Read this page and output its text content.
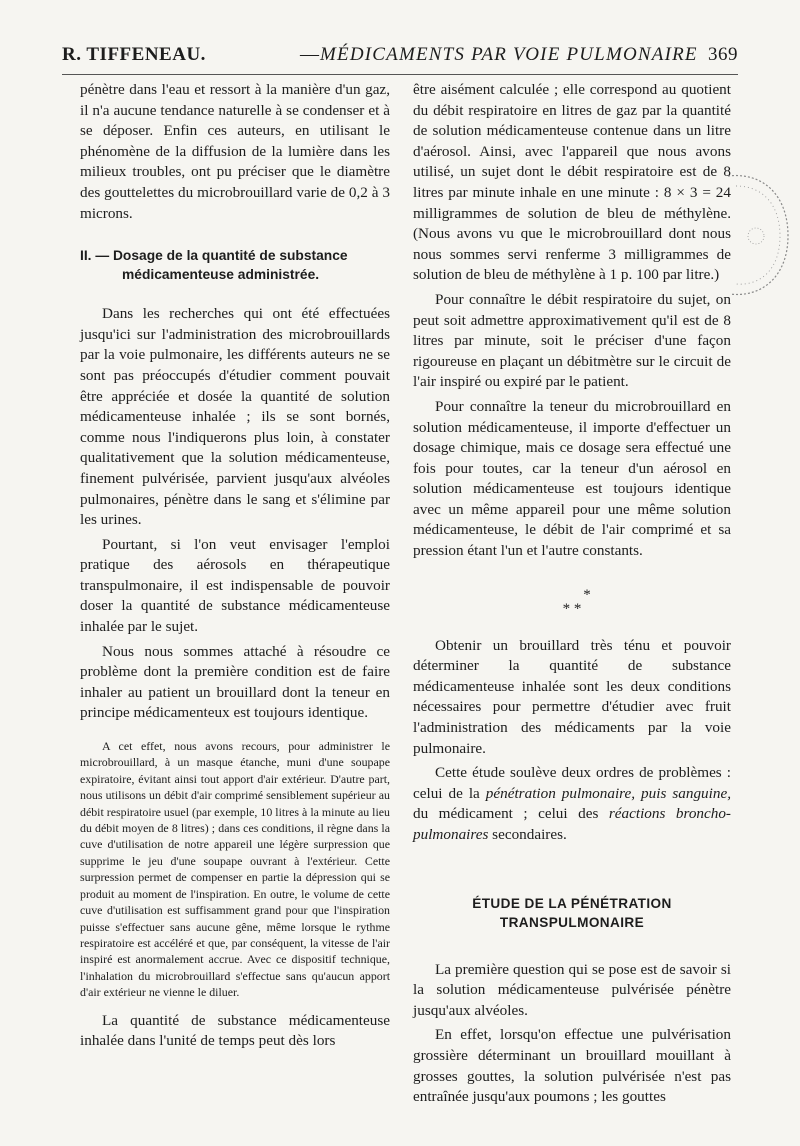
R. TIFFENEAU.	— MÉDICAMENTS PAR VOIE PULMONAIRE 369

pénètre dans l'eau et ressort à la manière d'un gaz, il n'a aucune tendance naturelle à se condenser et à se déposer. Enfin ces auteurs, en utilisant le phénomène de la diffusion de la lumière dans les milieux troubles, ont pu préciser que le diamètre des gouttelettes du microbrouillard varie de 0,2 à 3 microns.

II. — Dosage de la quantité de substance
médicamenteuse administrée.

Dans les recherches qui ont été effectuées jusqu'ici sur l'administration des microbrouillards par la voie pulmonaire, les différents auteurs ne se sont pas préoccupés d'étudier comment pouvait être appréciée et dosée la quantité de solution médicamenteuse inhalée ; ils se sont bornés, comme nous l'indiquerons plus loin, à constater qualitativement que la solution médicamenteuse, finement pulvérisée, parvient jusqu'aux alvéoles pulmonaires, pénètre dans le sang et s'élimine par les urines.

Pourtant, si l'on veut envisager l'emploi pratique des aérosols en thérapeutique transpulmonaire, il est indispensable de pouvoir doser la quantité de substance médicamenteuse inhalée par le sujet.

Nous nous sommes attaché à résoudre ce problème dont la première condition est de faire inhaler au patient un brouillard dont la teneur en principe médicamenteux est toujours identique.

A cet effet, nous avons recours, pour administrer le microbrouillard, à un masque étanche, muni d'une soupape expiratoire, évitant ainsi tout apport d'air extérieur. D'autre part, nous utilisons un débit d'air comprimé sensiblement supérieur au débit respiratoire usuel (par exemple, 10 litres à la minute au lieu du débit moyen de 8 litres) ; dans ces conditions, il règne dans la cuve d'utilisation de notre appareil une légère surpression que supprime le jeu d'une soupape ouvrant à l'extérieur. Cette surpression permet de compenser en partie la dépression qui se produit au moment de l'inspiration. En outre, le volume de cette cuve d'utilisation est suffisamment grand pour que l'inspiration puisse s'effectuer sans aucune gêne, même lorsque le rythme respiratoire est accéléré et que, par conséquent, la vitesse de l'air inspiré est anormalement accrue. Avec ce dispositif technique, l'inhalation du microbrouillard s'effectue sans qu'aucun apport d'air extérieur ne vienne le diluer.

La quantité de substance médicamenteuse inhalée dans l'unité de temps peut dès lors

être aisément calculée ; elle correspond au quotient du débit respiratoire en litres de gaz par la quantité de solution médicamenteuse contenue dans un litre d'aérosol. Ainsi, avec l'appareil que nous avons utilisé, un sujet dont le débit respiratoire est de 8 litres par minute inhale en une minute : 8 × 3 = 24 milligrammes de solution de bleu de méthylène. (Nous avons vu que le microbrouillard dont nous nous sommes servi renferme 3 milligrammes de solution de bleu de méthylène à 1 p. 100 par litre.)

Pour connaître le débit respiratoire du sujet, on peut soit admettre approximativement qu'il est de 8 litres par minute, soit le préciser d'une façon rigoureuse en plaçant un débitmètre sur le circuit de l'air inspiré ou expiré par le patient.

Pour connaître la teneur du microbrouillard en solution médicamenteuse, il importe d'effectuer un dosage chimique, mais ce dosage sera effectué une fois pour toutes, car la teneur d'un aérosol en solution médicamenteuse est toujours identique avec un même appareil pour une même solution médicamenteuse, le débit de l'air comprimé et sa pression étant l'un et l'autre constants.

*
* *

Obtenir un brouillard très ténu et pouvoir déterminer la quantité de substance médicamenteuse inhalée sont les deux conditions nécessaires pour permettre d'étudier avec fruit l'administration des médicaments par la voie pulmonaire.

Cette étude soulève deux ordres de problèmes : celui de la pénétration pulmonaire, puis sanguine, du médicament ; celui des réactions broncho-pulmonaires secondaires.

ÉTUDE DE LA PÉNÉTRATION
TRANSPULMONAIRE

La première question qui se pose est de savoir si la solution médicamenteuse pulvérisée pénètre jusqu'aux alvéoles.

En effet, lorsqu'on effectue une pulvérisation grossière déterminant un brouillard mouillant à grosses gouttes, la solution pulvérisée n'est pas entraînée jusqu'aux poumons ; les gouttes
